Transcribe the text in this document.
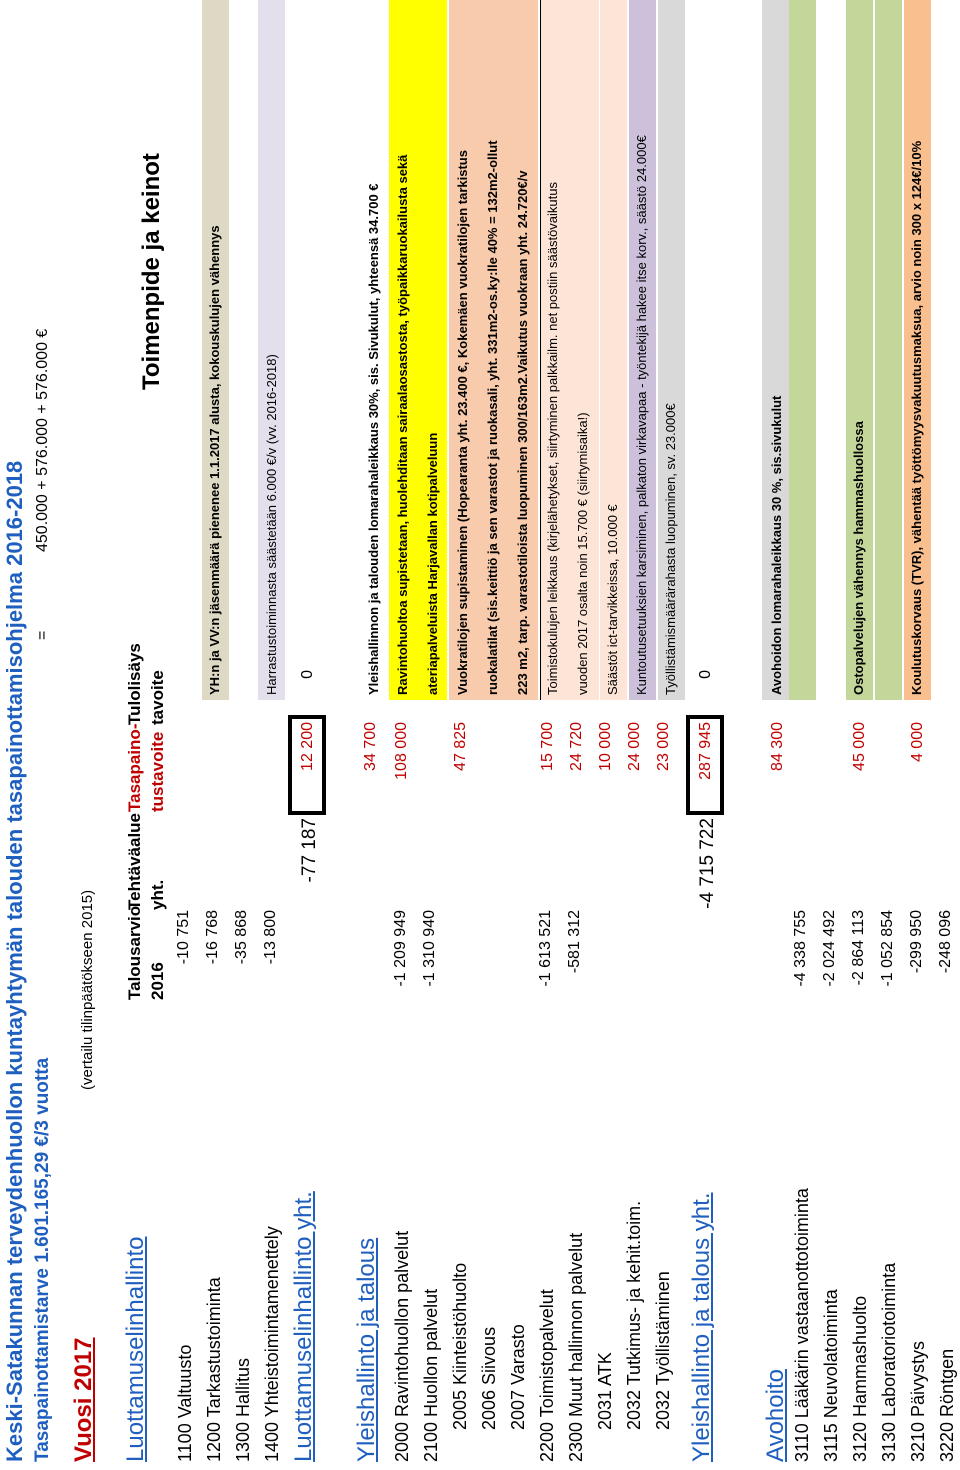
Keski-Satakunnan terveydenhuollon kuntayhtymän talouden tasapainottamisohjelma 2016-2018 Tasapainottamistarve 1.601.165,29 €/3 vuotta
=
450.000 + 576.000 + 576.000 €
Vuosi 2017
(vertailu tilinpäätökseen 2015) Talousarvio 2016
Tehtäväalue yht.
Tasapaino-tustavoite
Tulolisäys tavoite
Toimenpide ja keinot
Luottamuselinhallinto 1100 Valtuusto
-10 751
1200 Tarkastustoiminta
-16 768
YH:n ja VV:n jäsenmäärä pienenee 1.1.2017 alusta, kokouskulujen vähennys
1300 Hallitus
-35 868
1400 Yhteistoimintamenettely
-13 800
Harrastustoiminnasta säästetään 6.000 €/v (vv. 2016-2018)
Luottamuselinhallinto yht.
-77 187
12 200
0
Yleishallinto ja talous 2000 Ravintohuollon palvelut
-1 209 949
34 700
Yleishallinnon ja talouden lomarahaleikkaus 30%, sis. Sivukulut, yhteensä 34.700 €
2100 Huollon palvelut
-1 310 940
108 000
Ravintohuoltoa supistetaan, huolehditaan sairaalaosastosta, työpaikkaruokailusta sekä
2005 Kiinteistöhuolto
47 825
ateriapalveluista Harjavallan kotipalveluun
2006 Siivous
Vuokratilojen supistaminen (Hopearanta yht. 23.400 €, Kokemäen vuokratilojen tarkistus
2007 Varasto
ruokalatilat (sis.keittiö ja sen varastot ja ruokasali, yht. 331m2-os.ky:lle 40% = 132m2-ollut
2200 Toimistopalvelut
-1 613 521
15 700
223 m2, tarp. varastotiloista luopuminen 300/163m2.Vaikutus vuokraan yht. 24.720€/v
2300 Muut hallinnon palvelut
-581 312
24 720
Toimistokulujen leikkaus (kirjelähetykset, siirtyminen palkkailm. net postiin säästövaikutus
2031 ATK
10 000
vuoden 2017 osalta noin 15.700 € (siirtymisaika!)
2032 Tutkimus- ja kehit.toim.
24 000
Säästöt ict-tarvikkeissa, 10.000 €
2032 Työllistäminen
23 000
Kuntoutusetuuksien karsiminen, palkaton virkavapaa - työntekijä hakee itse korv., säästö 24.000€ Työllistämismäärärahasta luopuminen, sv. 23.000€
Yleishallinto ja talous yht.
-4 715 722
287 945
0
Avohoito 3110 Lääkärin vastaanottotoiminta
-4 338 755
84 300
Avohoidon lomarahaleikkaus 30 %, sis.sivukulut
3115 Neuvolatoiminta
-2 024 492
3120 Hammashuolto
-2 864 113
45 000
Ostopalvelujen vähennys hammashuollossa
3130 Laboratoriotoiminta
-1 052 854
3210 Päivystys
-299 950
4 000
Koulutuskorvaus (TVR), vähentää työttömyysvakuutusmaksua, arvio noin 300 x 124€/10%
3220 Röntgen
-248 096
